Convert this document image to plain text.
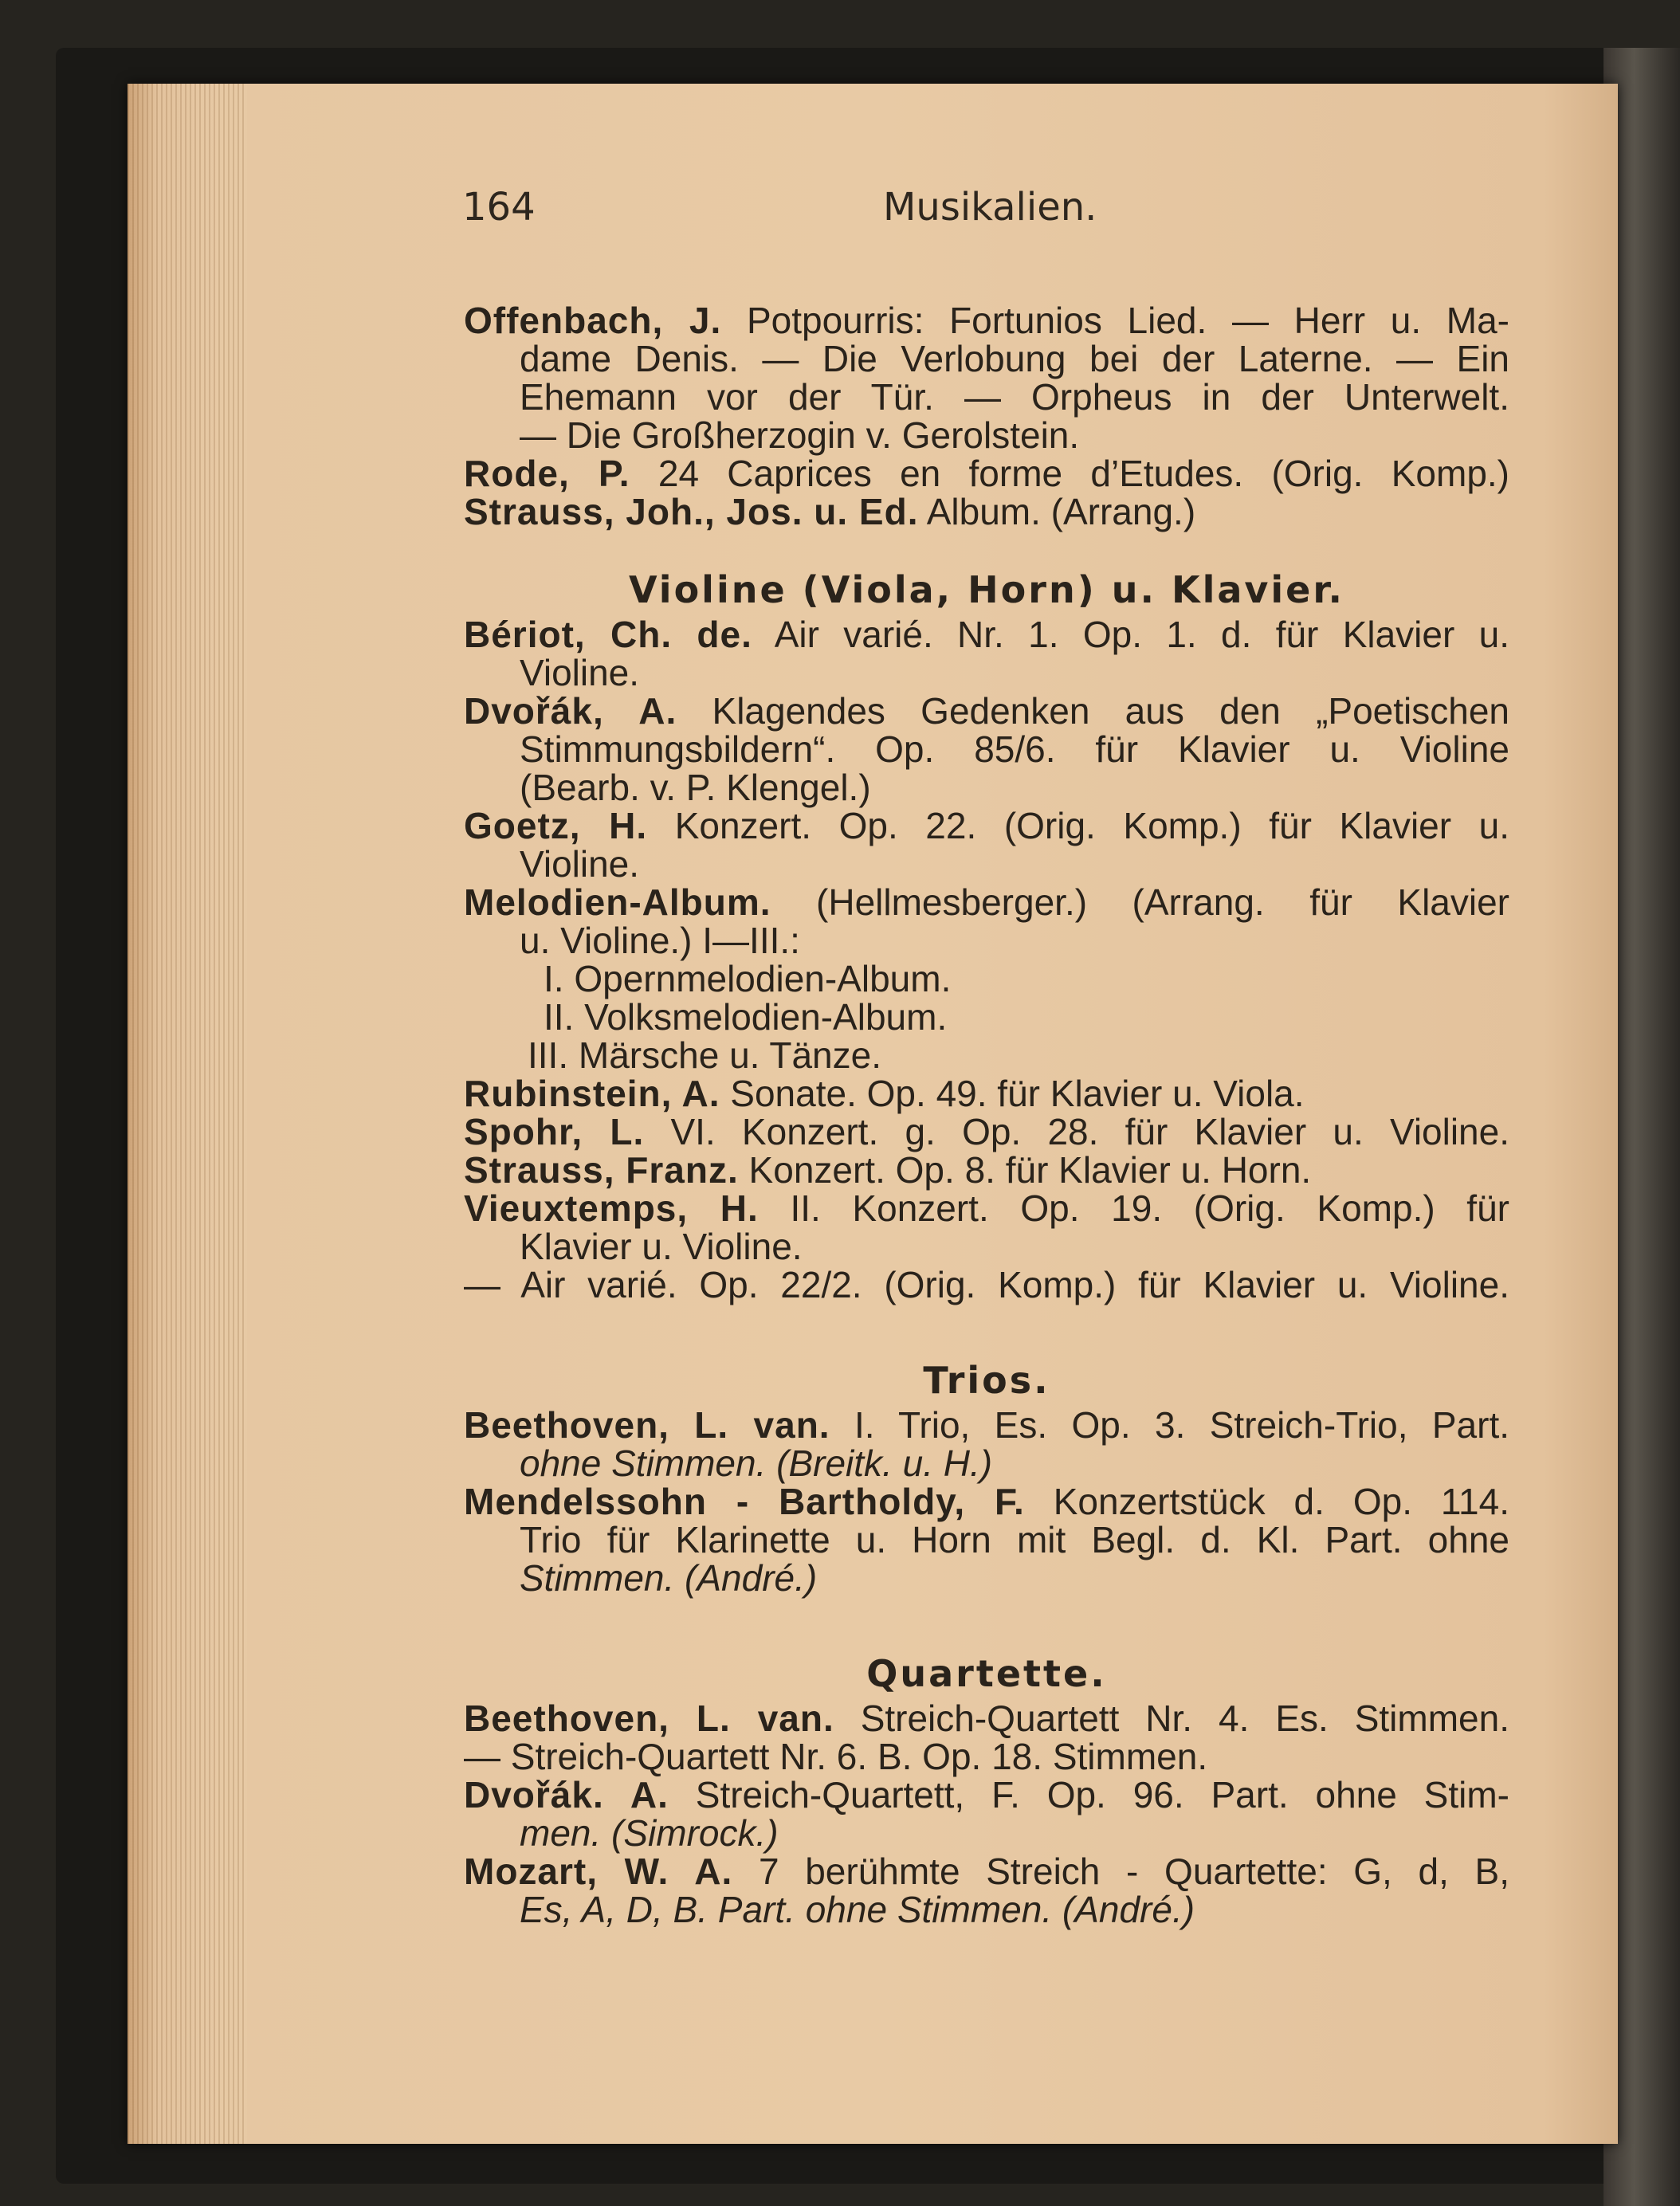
164	Musikalien.
Offenbach, J. Potpourris: Fortunios Lied. — Herr u. Ma-
dame Denis. — Die Verlobung bei der Laterne. — Ein
Ehemann vor der Tür. — Orpheus in der Unterwelt.
— Die Großherzogin v. Gerolstein.
Rode, P. 24 Caprices en forme d’Etudes. (Orig. Komp.)
Strauss, Joh., Jos. u. Ed. Album. (Arrang.)
Violine (Viola, Horn) u. Klavier.
Bériot, Ch. de. Air varié. Nr. 1. Op. 1. d. für Klavier u.
Violine.
Dvořák, A. Klagendes Gedenken aus den „Poetischen
Stimmungsbildern“. Op. 85/6. für Klavier u. Violine
(Bearb. v. P. Klengel.)
Goetz, H. Konzert. Op. 22. (Orig. Komp.) für Klavier u.
Violine.
Melodien-Album. (Hellmesberger.) (Arrang. für Klavier
u. Violine.) I—III.:
I. Opernmelodien-Album.
II. Volksmelodien-Album.
III. Märsche u. Tänze.
Rubinstein, A. Sonate. Op. 49. für Klavier u. Viola.
Spohr, L. VI. Konzert. g. Op. 28. für Klavier u. Violine.
Strauss, Franz. Konzert. Op. 8. für Klavier u. Horn.
Vieuxtemps, H. II. Konzert. Op. 19. (Orig. Komp.) für
Klavier u. Violine.
— Air varié. Op. 22/2. (Orig. Komp.) für Klavier u. Violine.
Trios.
Beethoven, L. van. I. Trio, Es. Op. 3. Streich-Trio, Part.
ohne Stimmen. (Breitk. u. H.)
Mendelssohn - Bartholdy, F. Konzertstück d. Op. 114.
Trio für Klarinette u. Horn mit Begl. d. Kl. Part. ohne
Stimmen. (André.)
Quartette.
Beethoven, L. van. Streich-Quartett Nr. 4. Es. Stimmen.
— Streich-Quartett Nr. 6. B. Op. 18. Stimmen.
Dvořák. A. Streich-Quartett, F. Op. 96. Part. ohne Stim-
men. (Simrock.)
Mozart, W. A. 7 berühmte Streich - Quartette: G, d, B,
Es, A, D, B. Part. ohne Stimmen. (André.)
